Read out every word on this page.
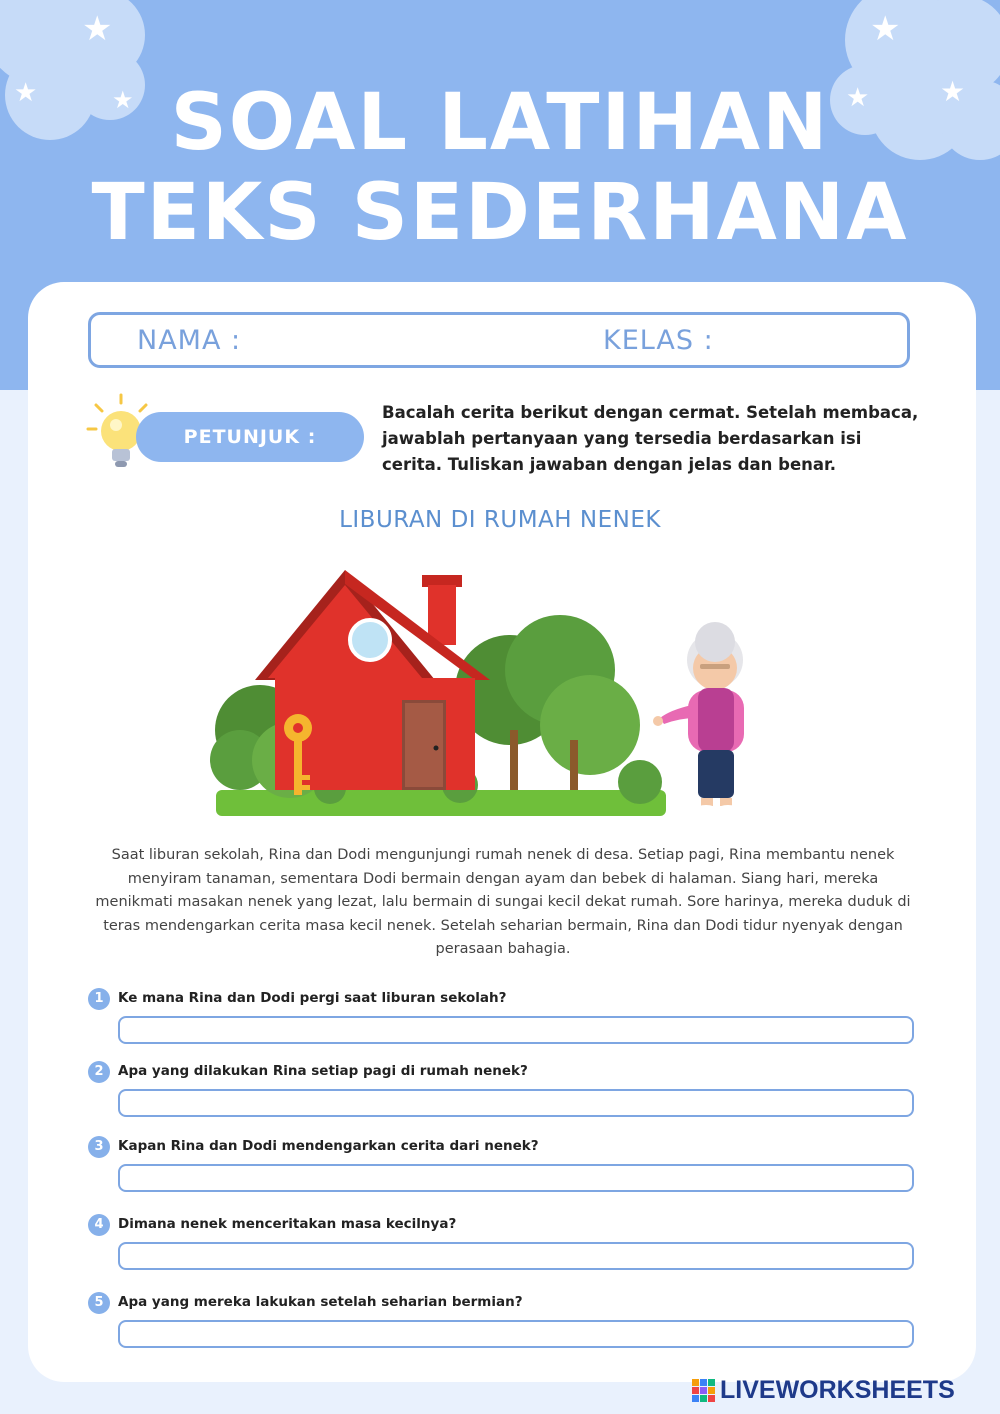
★
★	★
★
★	★
SOAL LATIHAN
TEKS SEDERHANA
NAMA :	KELAS :
PETUNJUK :
Bacalah cerita berikut dengan cermat. Setelah membaca, jawablah pertanyaan yang tersedia berdasarkan isi cerita. Tuliskan jawaban dengan jelas dan benar.
LIBURAN DI RUMAH NENEK
Saat liburan sekolah, Rina dan Dodi mengunjungi rumah nenek di desa. Setiap pagi, Rina membantu nenek menyiram tanaman, sementara Dodi bermain dengan ayam dan bebek di halaman. Siang hari, mereka menikmati masakan nenek yang lezat, lalu bermain di sungai kecil dekat rumah. Sore harinya, mereka duduk di teras mendengarkan cerita masa kecil nenek. Setelah seharian bermain, Rina dan Dodi tidur nyenyak dengan perasaan bahagia.
1	Ke mana Rina dan Dodi pergi saat liburan sekolah?
2	Apa yang dilakukan Rina setiap pagi di rumah nenek?
3	Kapan Rina dan Dodi mendengarkan cerita dari nenek?
4	Dimana nenek menceritakan masa kecilnya?
5	Apa yang mereka lakukan setelah seharian bermian?
LIVEWORKSHEETS
